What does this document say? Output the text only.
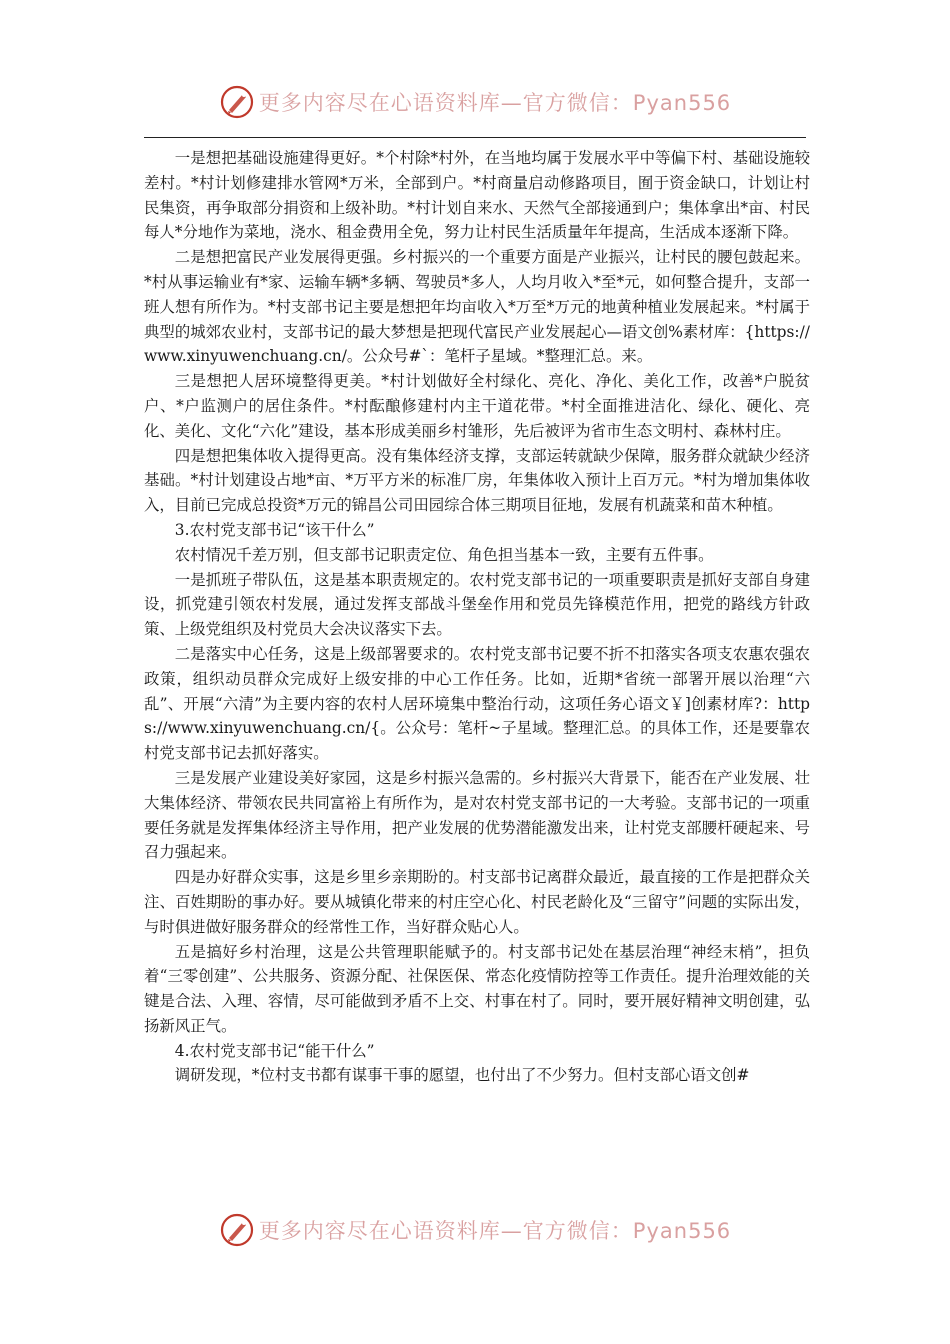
更多内容尽在心语资料库—官方微信：Pyan556

一是想把基础设施建得更好。*个村除*村外，在当地均属于发展水平中等偏下村、基础设施较差村。*村计划修建排水管网*万米，全部到户。*村商量启动修路项目，囿于资金缺口，计划让村民集资，再争取部分捐资和上级补助。*村计划自来水、天然气全部接通到户；集体拿出*亩、村民每人*分地作为菜地，浇水、租金费用全免，努力让村民生活质量年年提高，生活成本逐渐下降。

二是想把富民产业发展得更强。乡村振兴的一个重要方面是产业振兴，让村民的腰包鼓起来。*村从事运输业有*家、运输车辆*多辆、驾驶员*多人，人均月收入*至*元，如何整合提升，支部一班人想有所作为。*村支部书记主要是想把年均亩收入*万至*万元的地黄种植业发展起来。*村属于典型的城郊农业村，支部书记的最大梦想是把现代富民产业发展起心—语文创%素材库：{https://www.xinyuwenchuang.cn/。公众号#`：笔杆子星域。*整理汇总。来。

三是想把人居环境整得更美。*村计划做好全村绿化、亮化、净化、美化工作，改善*户脱贫户、*户监测户的居住条件。*村酝酿修建村内主干道花带。*村全面推进洁化、绿化、硬化、亮化、美化、文化“六化”建设，基本形成美丽乡村雏形，先后被评为省市生态文明村、森林村庄。

四是想把集体收入提得更高。没有集体经济支撑，支部运转就缺少保障，服务群众就缺少经济基础。*村计划建设占地*亩、*万平方米的标准厂房，年集体收入预计上百万元。*村为增加集体收入，目前已完成总投资*万元的锦昌公司田园综合体三期项目征地，发展有机蔬菜和苗木种植。

3.农村党支部书记“该干什么”

农村情况千差万别，但支部书记职责定位、角色担当基本一致，主要有五件事。

一是抓班子带队伍，这是基本职责规定的。农村党支部书记的一项重要职责是抓好支部自身建设，抓党建引领农村发展，通过发挥支部战斗堡垒作用和党员先锋模范作用，把党的路线方针政策、上级党组织及村党员大会决议落实下去。

二是落实中心任务，这是上级部署要求的。农村党支部书记要不折不扣落实各项支农惠农强农政策，组织动员群众完成好上级安排的中心工作任务。比如，近期*省统一部署开展以治理“六乱”、开展“六清”为主要内容的农村人居环境集中整治行动，这项任务心语文￥]创素材库?：https://www.xinyuwenchuang.cn/{。公众号：笔杆~子星域。整理汇总。的具体工作，还是要靠农村党支部书记去抓好落实。

三是发展产业建设美好家园，这是乡村振兴急需的。乡村振兴大背景下，能否在产业发展、壮大集体经济、带领农民共同富裕上有所作为，是对农村党支部书记的一大考验。支部书记的一项重要任务就是发挥集体经济主导作用，把产业发展的优势潜能激发出来，让村党支部腰杆硬起来、号召力强起来。

四是办好群众实事，这是乡里乡亲期盼的。村支部书记离群众最近，最直接的工作是把群众关注、百姓期盼的事办好。要从城镇化带来的村庄空心化、村民老龄化及“三留守”问题的实际出发，与时俱进做好服务群众的经常性工作，当好群众贴心人。

五是搞好乡村治理，这是公共管理职能赋予的。村支部书记处在基层治理“神经末梢”，担负着“三零创建”、公共服务、资源分配、社保医保、常态化疫情防控等工作责任。提升治理效能的关键是合法、入理、容情，尽可能做到矛盾不上交、村事在村了。同时，要开展好精神文明创建，弘扬新风正气。

4.农村党支部书记“能干什么”

调研发现，*位村支书都有谋事干事的愿望，也付出了不少努力。但村支部心语文创#

更多内容尽在心语资料库—官方微信：Pyan556
